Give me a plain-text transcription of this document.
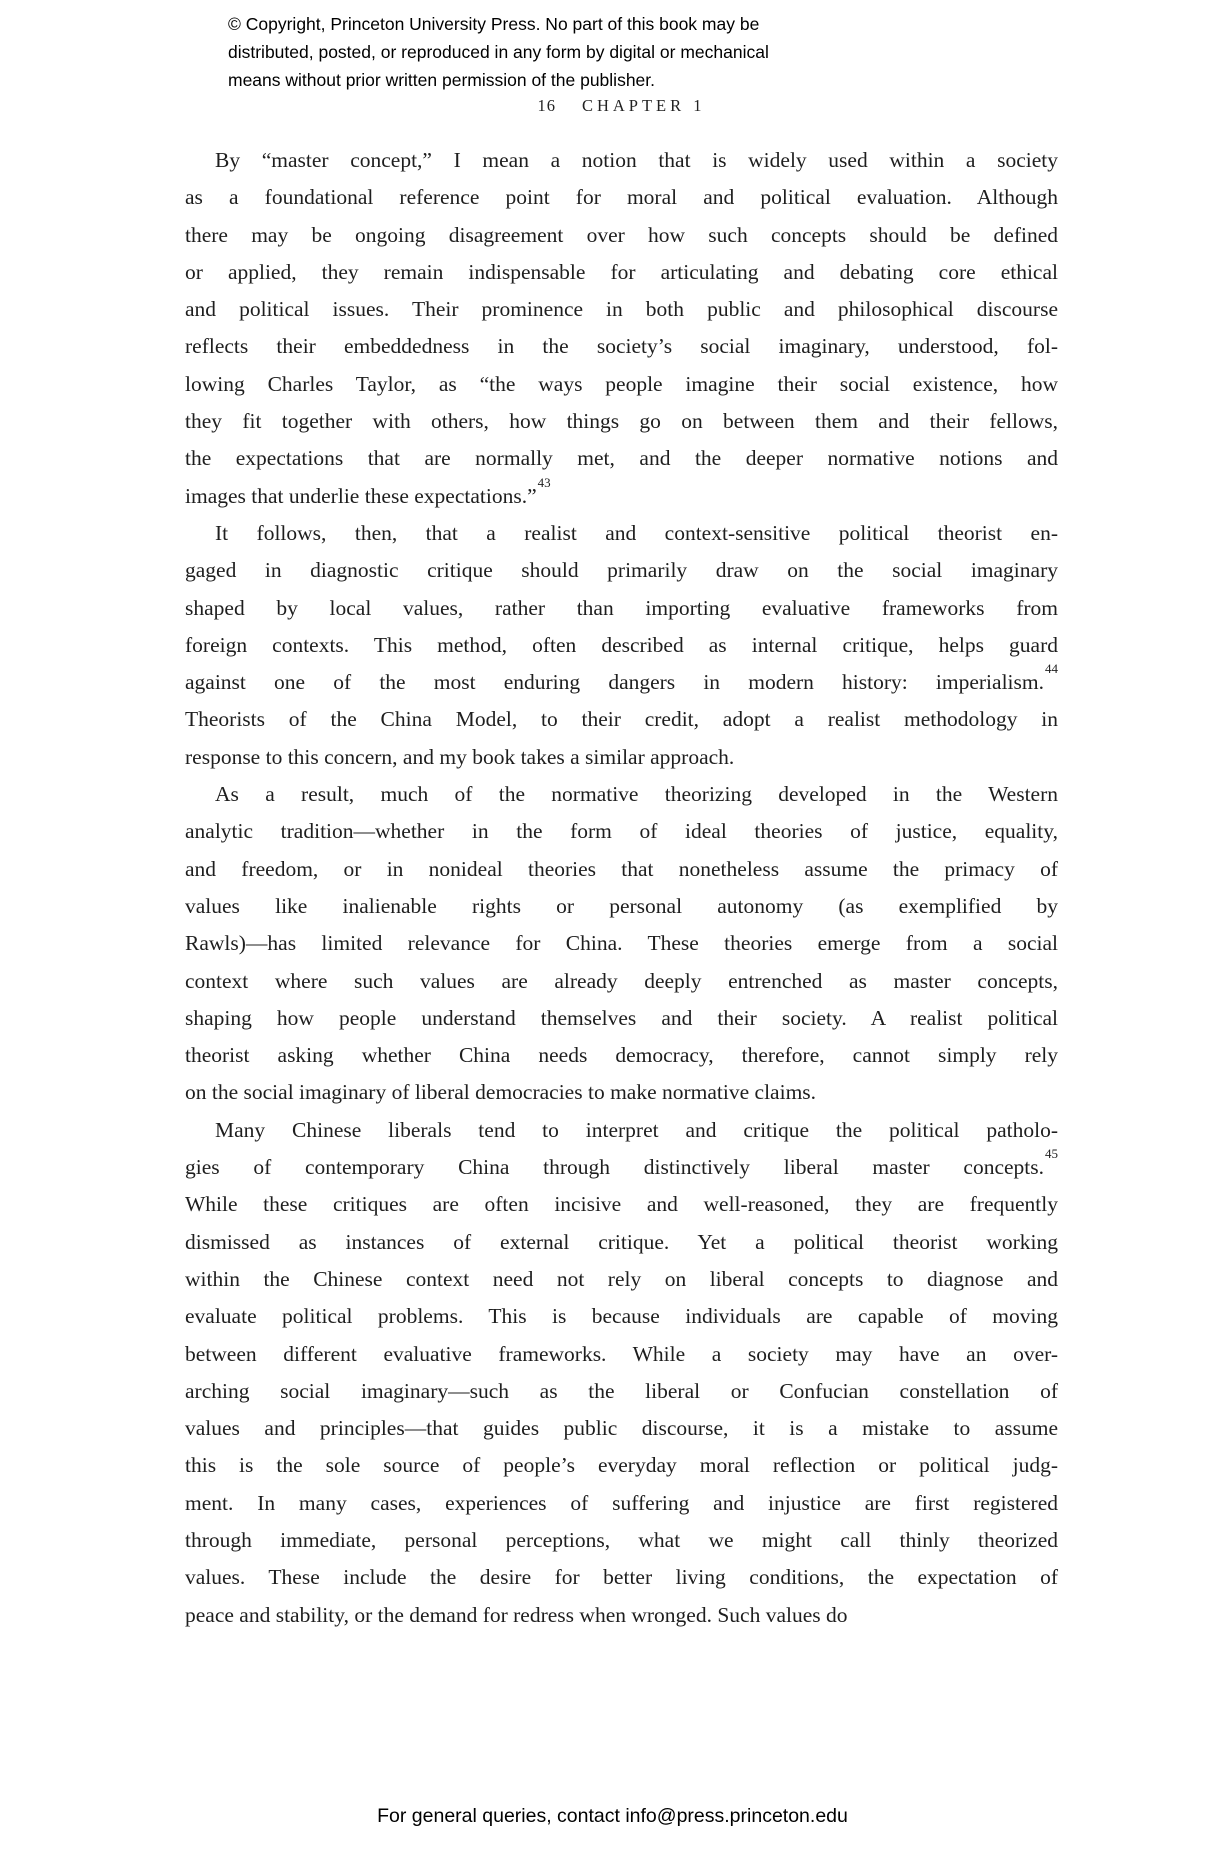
© Copyright, Princeton University Press. No part of this book may be
distributed, posted, or reproduced in any form by digital or mechanical
means without prior written permission of the publisher.
16 CHAPTER 1
By “master concept,” I mean a notion that is widely used within a society
as a foundational reference point for moral and political evaluation. Although
there may be ongoing disagreement over how such concepts should be defined
or applied, they remain indispensable for articulating and debating core ethical
and political issues. Their prominence in both public and philosophical discourse
reflects their embeddedness in the society’s social imaginary, understood, fol-
lowing Charles Taylor, as “the ways people imagine their social existence, how
they fit together with others, how things go on between them and their fellows,
the expectations that are normally met, and the deeper normative notions and
images that underlie these expectations.”$^{43}$
It follows, then, that a realist and context-sensitive political theorist en-
gaged in diagnostic critique should primarily draw on the social imaginary
shaped by local values, rather than importing evaluative frameworks from
foreign contexts. This method, often described as internal critique, helps guard
against one of the most enduring dangers in modern history: imperialism.$^{44}$
Theorists of the China Model, to their credit, adopt a realist methodology in
response to this concern, and my book takes a similar approach.
As a result, much of the normative theorizing developed in the Western
analytic tradition—whether in the form of ideal theories of justice, equality,
and freedom, or in nonideal theories that nonetheless assume the primacy of
values like inalienable rights or personal autonomy (as exemplified by
Rawls)—has limited relevance for China. These theories emerge from a social
context where such values are already deeply entrenched as master concepts,
shaping how people understand themselves and their society. A realist political
theorist asking whether China needs democracy, therefore, cannot simply rely
on the social imaginary of liberal democracies to make normative claims.
Many Chinese liberals tend to interpret and critique the political patholo-
gies of contemporary China through distinctively liberal master concepts.$^{45}$
While these critiques are often incisive and well-reasoned, they are frequently
dismissed as instances of external critique. Yet a political theorist working
within the Chinese context need not rely on liberal concepts to diagnose and
evaluate political problems. This is because individuals are capable of moving
between different evaluative frameworks. While a society may have an over-
arching social imaginary—such as the liberal or Confucian constellation of
values and principles—that guides public discourse, it is a mistake to assume
this is the sole source of people’s everyday moral reflection or political judg-
ment. In many cases, experiences of suffering and injustice are first registered
through immediate, personal perceptions, what we might call thinly theorized
values. These include the desire for better living conditions, the expectation of
peace and stability, or the demand for redress when wronged. Such values do
For general queries, contact info@press.princeton.edu
